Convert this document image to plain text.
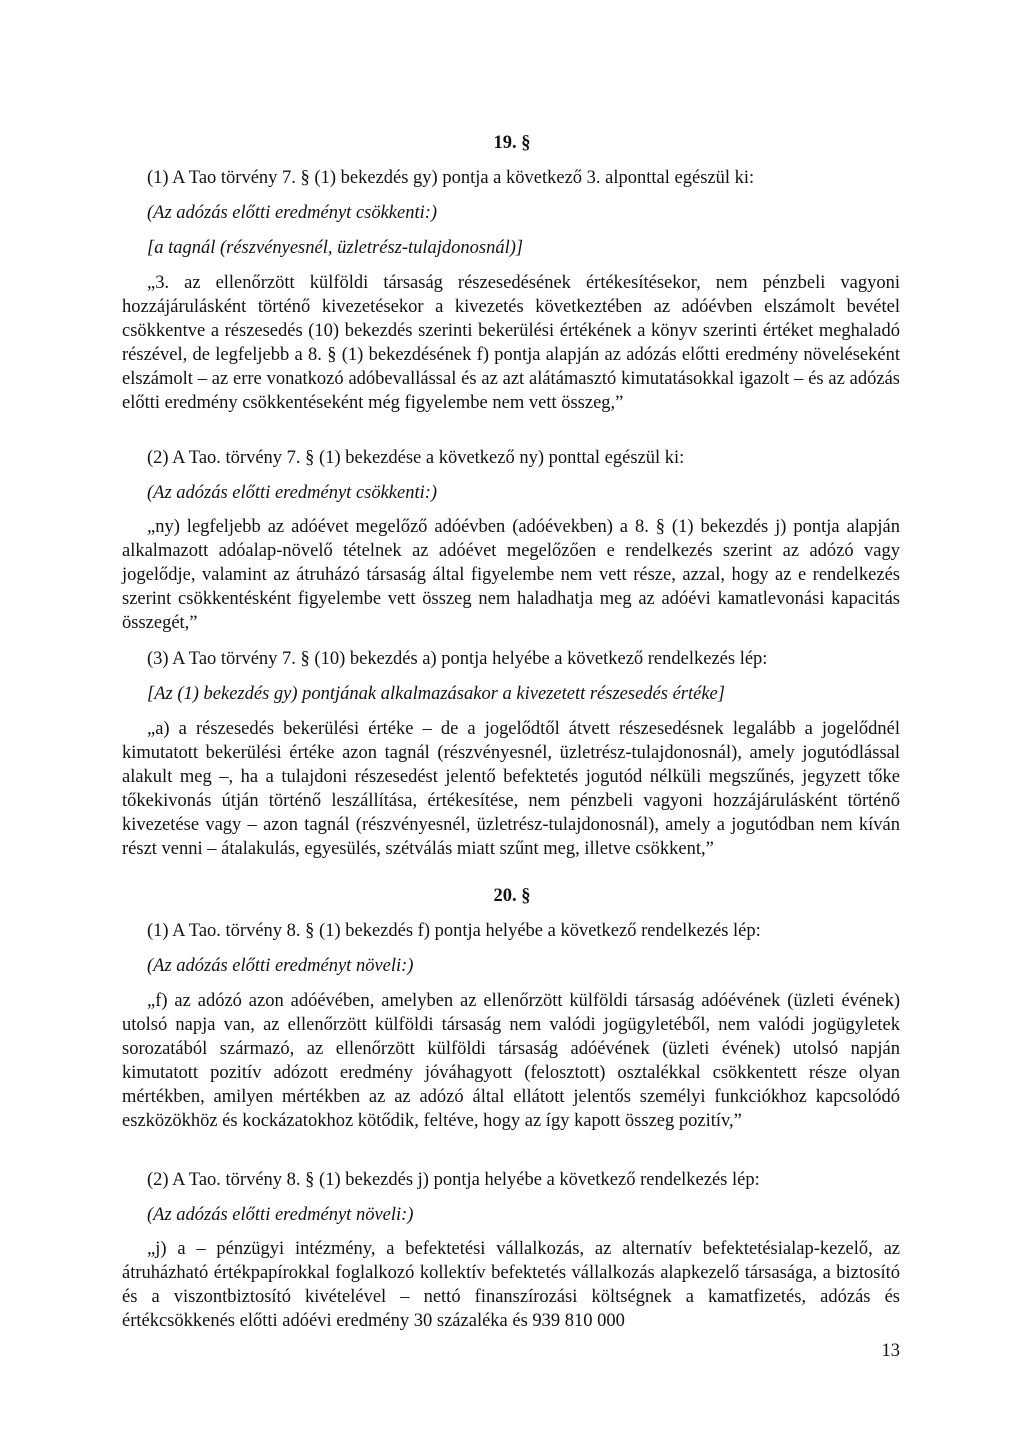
19. §

(1) A Tao törvény 7. § (1) bekezdés gy) pontja a következő 3. alponttal egészül ki:

(Az adózás előtti eredményt csökkenti:)

[a tagnál (részvényesnél, üzletrész-tulajdonosnál)]

„3. az ellenőrzött külföldi társaság részesedésének értékesítésekor, nem pénzbeli vagyoni hozzájárulásként történő kivezetésekor a kivezetés következtében az adóévben elszámolt bevétel csökkentve a részesedés (10) bekezdés szerinti bekerülési értékének a könyv szerinti értéket meghaladó részével, de legfeljebb a 8. § (1) bekezdésének f) pontja alapján az adózás előtti eredmény növeléseként elszámolt – az erre vonatkozó adóbevallással és az azt alátámasztó kimutatásokkal igazolt – és az adózás előtti eredmény csökkentéseként még figyelembe nem vett összeg,”

(2) A Tao. törvény 7. § (1) bekezdése a következő ny) ponttal egészül ki:

(Az adózás előtti eredményt csökkenti:)

„ny) legfeljebb az adóévet megelőző adóévben (adóévekben) a 8. § (1) bekezdés j) pontja alapján alkalmazott adóalap-növelő tételnek az adóévet megelőzően e rendelkezés szerint az adózó vagy jogelődje, valamint az átruházó társaság által figyelembe nem vett része, azzal, hogy az e rendelkezés szerint csökkentésként figyelembe vett összeg nem haladhatja meg az adóévi kamatlevonási kapacitás összegét,”

(3) A Tao törvény 7. § (10) bekezdés a) pontja helyébe a következő rendelkezés lép:

[Az (1) bekezdés gy) pontjának alkalmazásakor a kivezetett részesedés értéke]

„a) a részesedés bekerülési értéke – de a jogelődtől átvett részesedésnek legalább a jogelődnél kimutatott bekerülési értéke azon tagnál (részvényesnél, üzletrész-tulajdonosnál), amely jogutódlással alakult meg –, ha a tulajdoni részesedést jelentő befektetés jogutód nélküli megszűnés, jegyzett tőke tőkekivonás útján történő leszállítása, értékesítése, nem pénzbeli vagyoni hozzájárulásként történő kivezetése vagy – azon tagnál (részvényesnél, üzletrész-tulajdonosnál), amely a jogutódban nem kíván részt venni – átalakulás, egyesülés, szétválás miatt szűnt meg, illetve csökkent,”

20. §

(1) A Tao. törvény 8. § (1) bekezdés f) pontja helyébe a következő rendelkezés lép:

(Az adózás előtti eredményt növeli:)

„f) az adózó azon adóévében, amelyben az ellenőrzött külföldi társaság adóévének (üzleti évének) utolsó napja van, az ellenőrzött külföldi társaság nem valódi jogügyletéből, nem valódi jogügyletek sorozatából származó, az ellenőrzött külföldi társaság adóévének (üzleti évének) utolsó napján kimutatott pozitív adózott eredmény jóváhagyott (felosztott) osztalékkal csökkentett része olyan mértékben, amilyen mértékben az az adózó által ellátott jelentős személyi funkciókhoz kapcsolódó eszközökhöz és kockázatokhoz kötődik, feltéve, hogy az így kapott összeg pozitív,”

(2) A Tao. törvény 8. § (1) bekezdés j) pontja helyébe a következő rendelkezés lép:

(Az adózás előtti eredményt növeli:)

„j) a – pénzügyi intézmény, a befektetési vállalkozás, az alternatív befektetésialap-kezelő, az átruházható értékpapírokkal foglalkozó kollektív befektetés vállalkozás alapkezelő társasága, a biztosító és a viszontbiztosító kivételével – nettó finanszírozási költségnek a kamatfizetés, adózás és értékcsökkenés előtti adóévi eredmény 30 százaléka és 939 810 000

13
